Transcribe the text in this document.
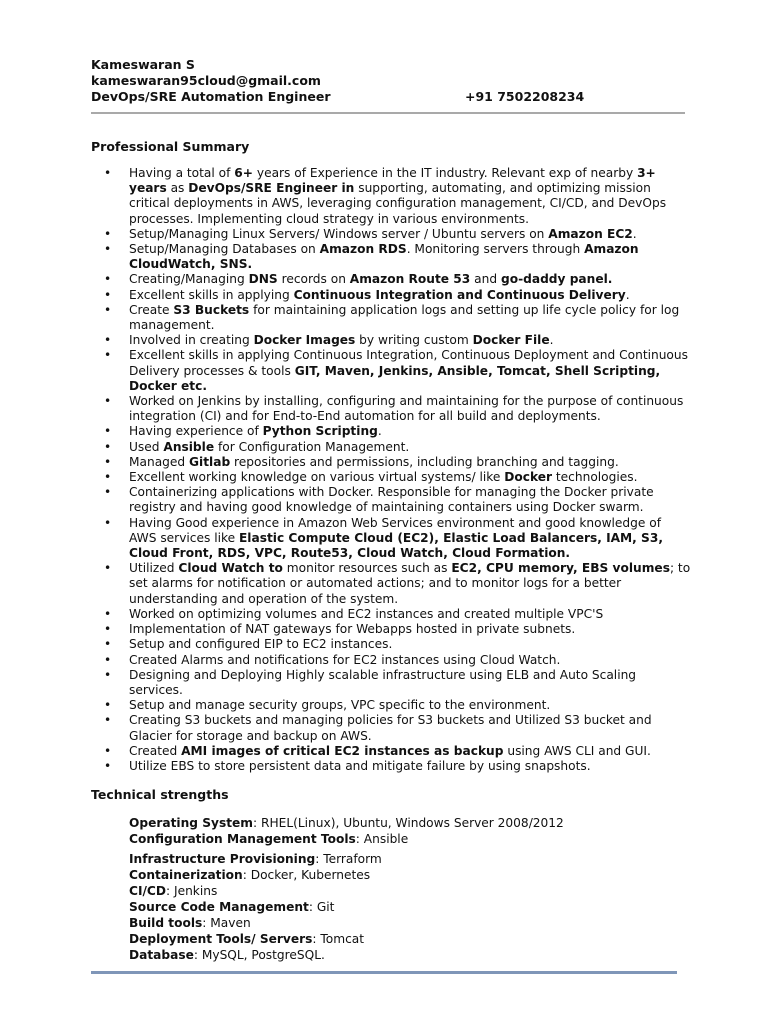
Kameswaran S
kameswaran95cloud@gmail.com
DevOps/SRE Automation Engineer	+91 7502208234
Professional Summary
• Having a total of 6+ years of Experience in the IT industry. Relevant exp of nearby 3+ years as DevOps/SRE Engineer in supporting, automating, and optimizing mission critical deployments in AWS, leveraging configuration management, CI/CD, and DevOps processes. Implementing cloud strategy in various environments.
• Setup/Managing Linux Servers/ Windows server / Ubuntu servers on Amazon EC2.
• Setup/Managing Databases on Amazon RDS. Monitoring servers through Amazon CloudWatch, SNS.
• Creating/Managing DNS records on Amazon Route 53 and go-daddy panel.
• Excellent skills in applying Continuous Integration and Continuous Delivery.
• Create S3 Buckets for maintaining application logs and setting up life cycle policy for log management.
• Involved in creating Docker Images by writing custom Docker File.
• Excellent skills in applying Continuous Integration, Continuous Deployment and Continuous Delivery processes & tools GIT, Maven, Jenkins, Ansible, Tomcat, Shell Scripting, Docker etc.
• Worked on Jenkins by installing, configuring and maintaining for the purpose of continuous integration (CI) and for End-to-End automation for all build and deployments.
• Having experience of Python Scripting.
• Used Ansible for Configuration Management.
• Managed Gitlab repositories and permissions, including branching and tagging.
• Excellent working knowledge on various virtual systems/ like Docker technologies.
• Containerizing applications with Docker. Responsible for managing the Docker private registry and having good knowledge of maintaining containers using Docker swarm.
• Having Good experience in Amazon Web Services environment and good knowledge of AWS services like Elastic Compute Cloud (EC2), Elastic Load Balancers, IAM, S3, Cloud Front, RDS, VPC, Route53, Cloud Watch, Cloud Formation.
• Utilized Cloud Watch to monitor resources such as EC2, CPU memory, EBS volumes; to set alarms for notification or automated actions; and to monitor logs for a better understanding and operation of the system.
• Worked on optimizing volumes and EC2 instances and created multiple VPC'S
• Implementation of NAT gateways for Webapps hosted in private subnets.
• Setup and configured EIP to EC2 instances.
• Created Alarms and notifications for EC2 instances using Cloud Watch.
• Designing and Deploying Highly scalable infrastructure using ELB and Auto Scaling services.
• Setup and manage security groups, VPC specific to the environment.
• Creating S3 buckets and managing policies for S3 buckets and Utilized S3 bucket and Glacier for storage and backup on AWS.
• Created AMI images of critical EC2 instances as backup using AWS CLI and GUI.
• Utilize EBS to store persistent data and mitigate failure by using snapshots.
Technical strengths
Operating System: RHEL(Linux), Ubuntu, Windows Server 2008/2012
Configuration Management Tools: Ansible
Infrastructure Provisioning: Terraform
Containerization: Docker, Kubernetes
CI/CD: Jenkins
Source Code Management: Git
Build tools: Maven
Deployment Tools/ Servers: Tomcat
Database: MySQL, PostgreSQL.
